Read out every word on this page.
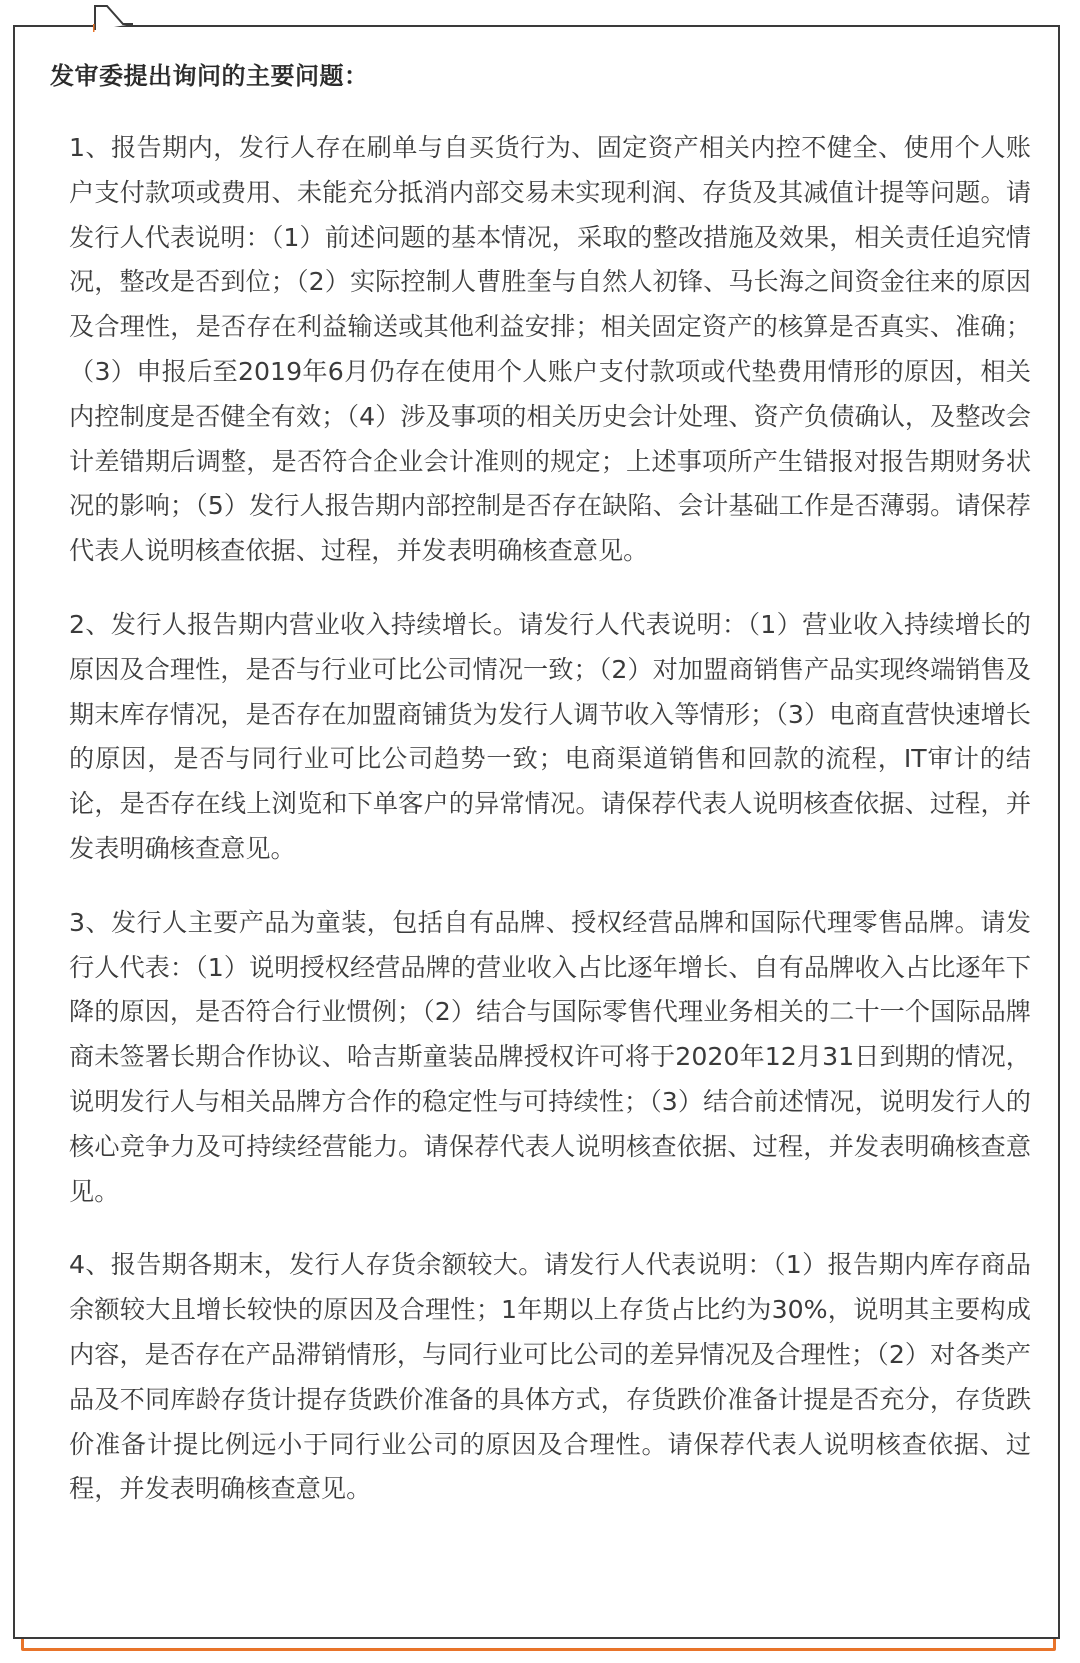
发审委提出询问的主要问题：

1、报告期内，发行人存在刷单与自买货行为、固定资产相关内控不健全、使用个人账户支付款项或费用、未能充分抵消内部交易未实现利润、存货及其减值计提等问题。请发行人代表说明：（1）前述问题的基本情况，采取的整改措施及效果，相关责任追究情况，整改是否到位；（2）实际控制人曹胜奎与自然人初锋、马长海之间资金往来的原因及合理性，是否存在利益输送或其他利益安排；相关固定资产的核算是否真实、准确；（3）申报后至2019年6月仍存在使用个人账户支付款项或代垫费用情形的原因，相关内控制度是否健全有效；（4）涉及事项的相关历史会计处理、资产负债确认，及整改会计差错期后调整，是否符合企业会计准则的规定；上述事项所产生错报对报告期财务状况的影响；（5）发行人报告期内部控制是否存在缺陷、会计基础工作是否薄弱。请保荐代表人说明核查依据、过程，并发表明确核查意见。

2、发行人报告期内营业收入持续增长。请发行人代表说明：（1）营业收入持续增长的原因及合理性，是否与行业可比公司情况一致；（2）对加盟商销售产品实现终端销售及期末库存情况，是否存在加盟商铺货为发行人调节收入等情形；（3）电商直营快速增长的原因，是否与同行业可比公司趋势一致；电商渠道销售和回款的流程，IT审计的结论，是否存在线上浏览和下单客户的异常情况。请保荐代表人说明核查依据、过程，并发表明确核查意见。

3、发行人主要产品为童装，包括自有品牌、授权经营品牌和国际代理零售品牌。请发行人代表：（1）说明授权经营品牌的营业收入占比逐年增长、自有品牌收入占比逐年下降的原因，是否符合行业惯例；（2）结合与国际零售代理业务相关的二十一个国际品牌商未签署长期合作协议、哈吉斯童装品牌授权许可将于2020年12月31日到期的情况，说明发行人与相关品牌方合作的稳定性与可持续性；（3）结合前述情况，说明发行人的核心竞争力及可持续经营能力。请保荐代表人说明核查依据、过程，并发表明确核查意见。

4、报告期各期末，发行人存货余额较大。请发行人代表说明：（1）报告期内库存商品余额较大且增长较快的原因及合理性；1年期以上存货占比约为30%，说明其主要构成内容，是否存在产品滞销情形，与同行业可比公司的差异情况及合理性；（2）对各类产品及不同库龄存货计提存货跌价准备的具体方式，存货跌价准备计提是否充分，存货跌价准备计提比例远小于同行业公司的原因及合理性。请保荐代表人说明核查依据、过程，并发表明确核查意见。
